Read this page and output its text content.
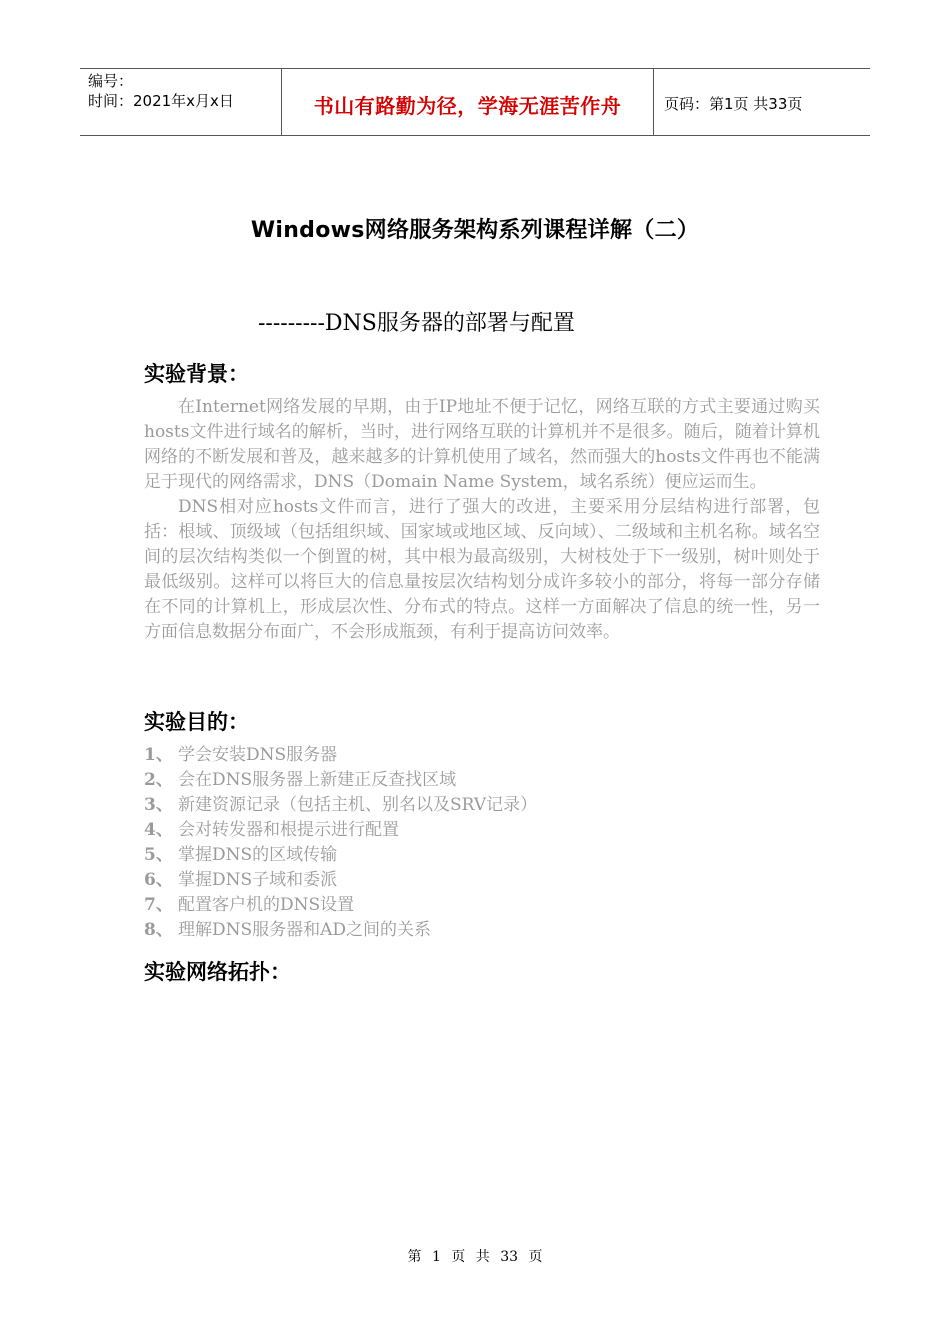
编号：
时间：2021年x月x日	书山有路勤为径，学海无涯苦作舟	页码：第1页 共33页
Windows网络服务架构系列课程详解（二）
---------DNS服务器的部署与配置
实验背景：

在Internet网络发展的早期，由于IP地址不便于记忆，网络互联的方式主要通过购买hosts文件进行域名的解析，当时，进行网络互联的计算机并不是很多。随后，随着计算机网络的不断发展和普及，越来越多的计算机使用了域名，然而强大的hosts文件再也不能满足于现代的网络需求，DNS（Domain Name System，域名系统）便应运而生。

DNS相对应hosts文件而言，进行了强大的改进，主要采用分层结构进行部署，包括：根域、顶级域（包括组织域、国家域或地区域、反向域）、二级域和主机名称。域名空间的层次结构类似一个倒置的树，其中根为最高级别，大树枝处于下一级别，树叶则处于最低级别。这样可以将巨大的信息量按层次结构划分成许多较小的部分，将每一部分存储在不同的计算机上，形成层次性、分布式的特点。这样一方面解决了信息的统一性，另一方面信息数据分布面广，不会形成瓶颈，有利于提高访问效率。

实验目的：
1、 学会安装DNS服务器
2、 会在DNS服务器上新建正反查找区域
3、 新建资源记录（包括主机、别名以及SRV记录）
4、 会对转发器和根提示进行配置
5、 掌握DNS的区域传输
6、 掌握DNS子域和委派
7、 配置客户机的DNS设置
8、 理解DNS服务器和AD之间的关系
实验网络拓扑：
第 1 页 共 33 页
